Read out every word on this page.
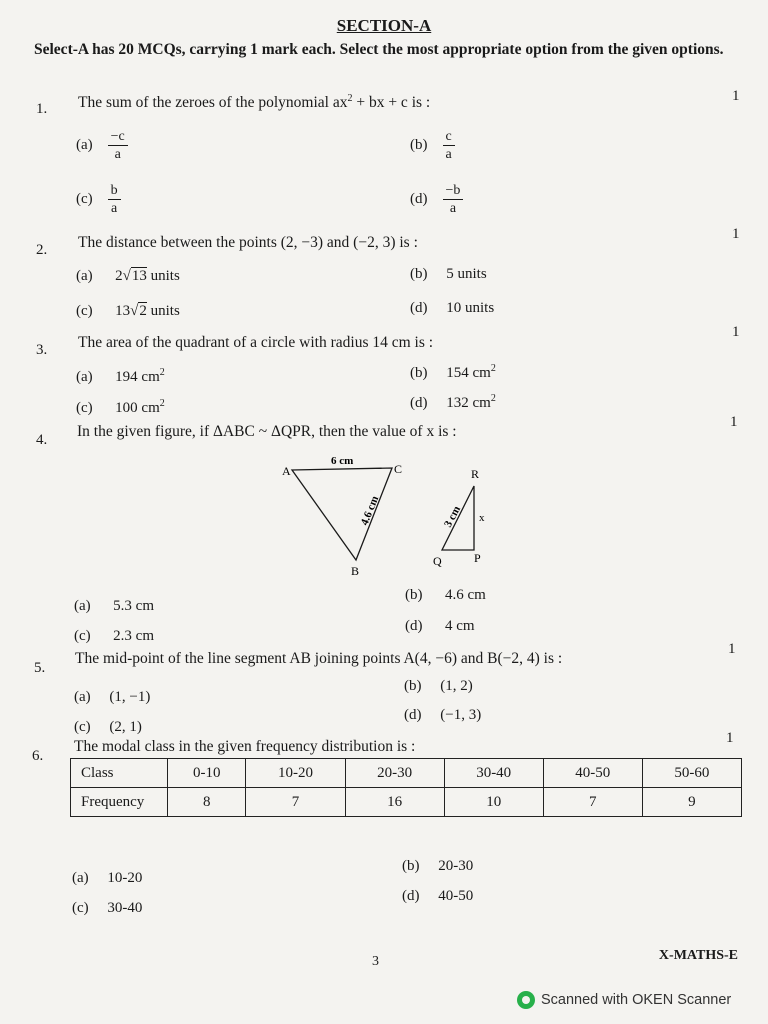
SECTION-A
Select-A has 20 MCQs, carrying 1 mark each. Select the most appropriate option from the given options.
1. The sum of the zeroes of the polynomial $ax^2$ + bx + c is :	1
$(a) \frac{-c}{a}$	$(b) \frac{c}{a}$
$(c) \frac{b}{a}$	$(d) \frac{-b}{a}$
2. The distance between the points (2, −3) and (−2, 3) is :	1
(a) 2√13 units	(b) 5 units
(c) 13√2 units	(d) 10 units
3. The area of the quadrant of a circle with radius 14 cm is :
1
(a) 194 $cm^2$	(b) 154 $cm^2$
(c) 100 $cm^2$	(d) 132 $cm^2$
4. In the given figure, if ΔABC ~ ΔQPR, then the value of x is :
1
A	C
B
6 cm
4.6 cm
R
Q	P
x
3 cm
(a) 5.3 cm
(b) 4.6 cm
(c) 2.3 cm
(d) 4 cm
5.
The mid-point of the line segment AB joining points A(4, −6) and B(−2, 4) is :
1
(a) (1, −1)
(b) (1, 2)
(c) (2, 1)
(d) (−1, 3)
6.
The modal class in the given frequency distribution is :	1
Class	0-10	10-20	20-30	30-40	40-50	50-60
Frequency	8	7	16	10	7	9
(a) 10-20
(b) 20-30
(c) 30-40
(d) 40-50
3	X-MATHS-E
Scanned with OKEN Scanner
